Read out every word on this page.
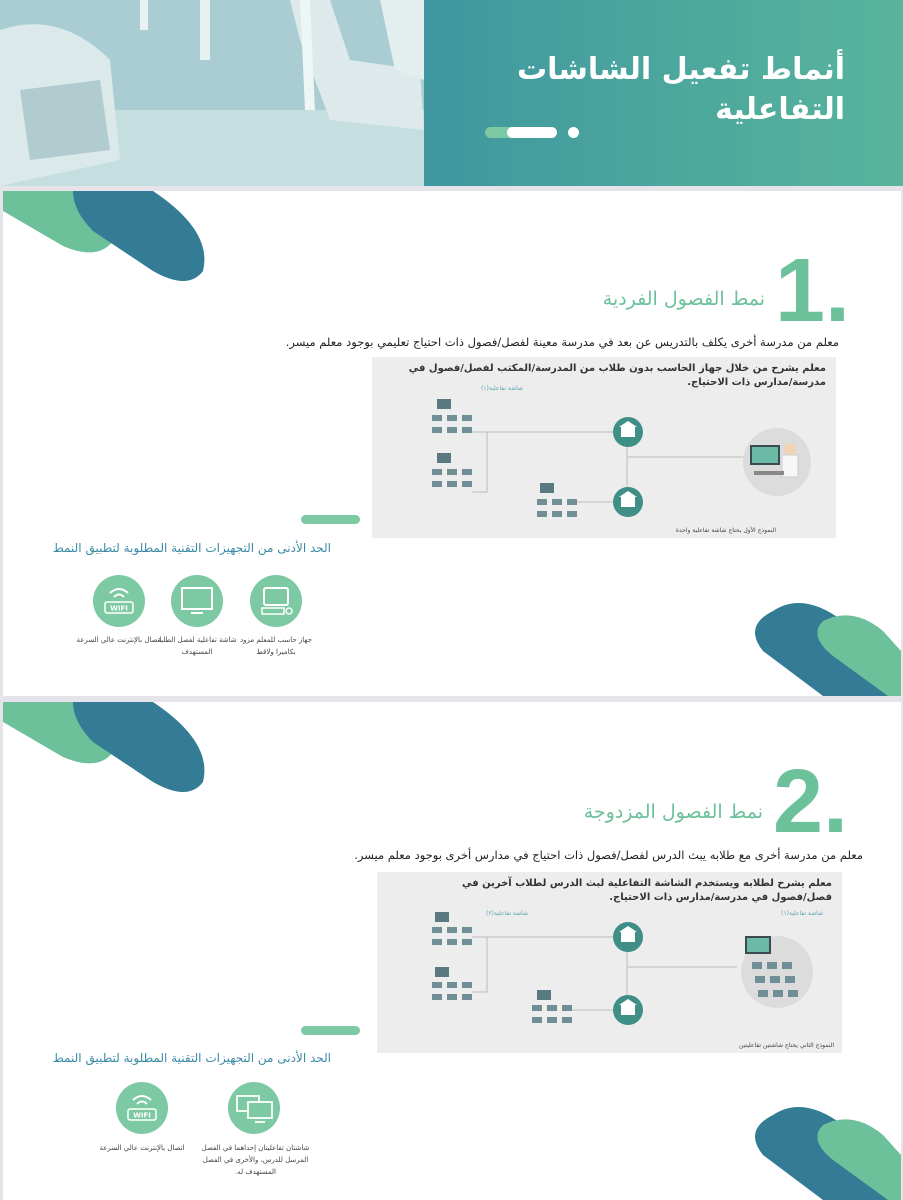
أنماط تفعيل الشاشات التفاعلية
1.
نمط الفصول الفردية
معلم من مدرسة أخرى يكلف بالتدريس عن بعد في مدرسة معينة لفصل/فصول ذات احتياج تعليمي بوجود معلم ميسر.
معلم يشرح من خلال جهاز الحاسب بدون طلاب من المدرسة/المكتب لفصل/فصول في مدرسة/مدارس ذات الاحتياج.
شاشة تفاعلية(١)
النموذج الأول يحتاج شاشة تفاعلية واحدة
الحد الأدنى من التجهيزات التقنية المطلوبة لتطبيق النمط
WIFI
جهاز حاسب للمعلم مزود بكاميرا ولاقط
شاشة تفاعلية لفصل الطلبة المستهدف
اتصال بالإنترنت عالي السرعة
2.
نمط الفصول المزدوجة
معلم من مدرسة أخرى مع طلابه يبث الدرس لفصل/فصول ذات احتياج في مدارس أخرى بوجود معلم ميسر.
معلم يشرح لطلابه ويستخدم الشاشة التفاعلية لبث الدرس لطلاب آخرين في فصل/فصول في مدرسة/مدارس ذات الاحتياج.
شاشة تفاعلية(٢)	شاشة تفاعلية(١)
النموذج الثاني يحتاج شاشتين تفاعليتين
الحد الأدنى من التجهيزات التقنية المطلوبة لتطبيق النمط
WIFI
شاشتان تفاعليتان إحداهما في الفصل المرسل للدرس، والأخرى في الفصل المستهدف له.
اتصال بالإنترنت عالي السرعة
